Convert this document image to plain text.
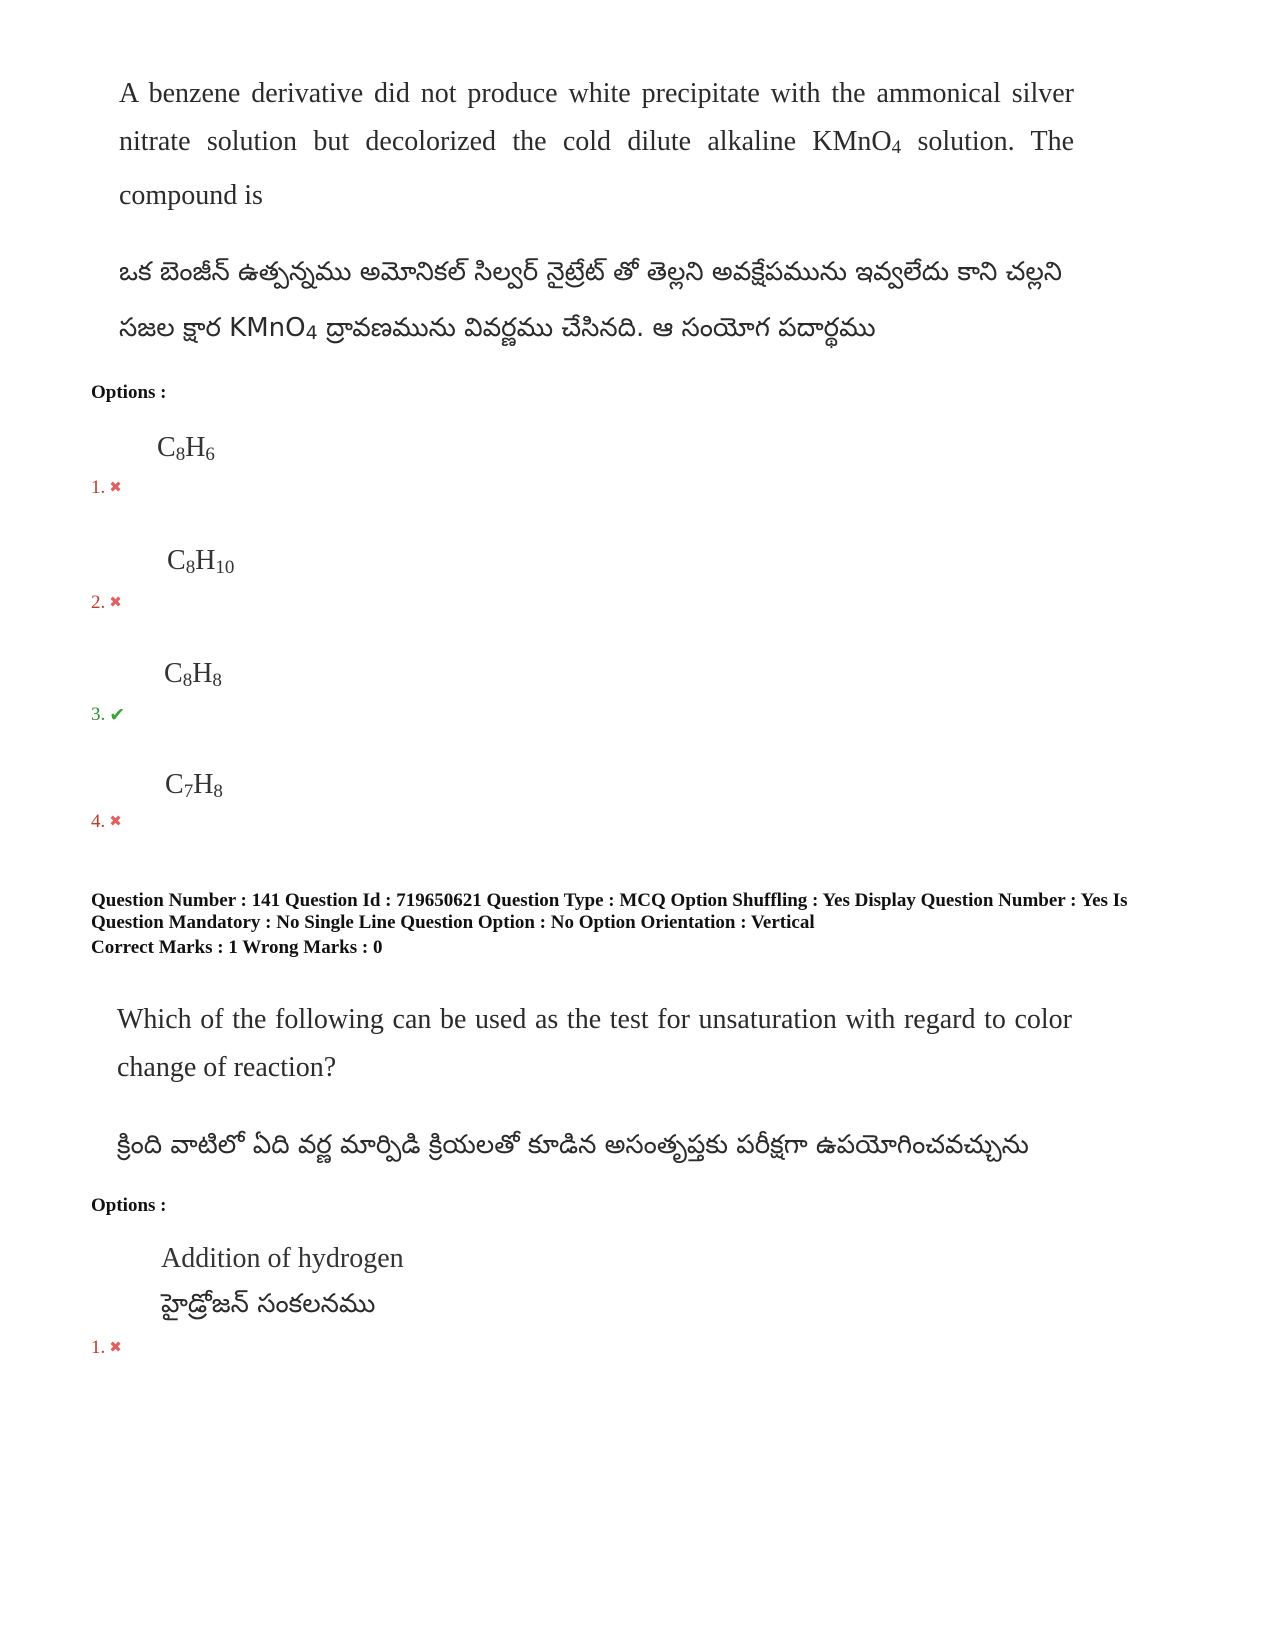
A benzene derivative did not produce white precipitate with the ammonical silver nitrate solution but decolorized the cold dilute alkaline KMnO$_4$ solution. The compound is
ఒక బెంజీన్ ఉత్పన్నము అమోనికల్ సిల్వర్ నైట్రేట్ తో తెల్లని అవక్షేపమును ఇవ్వలేదు కాని చల్లని సజల క్షార KMnO$_4$ ద్రావణమును వివర్ణము చేసినది. ఆ సంయోగ పదార్థము
Options :
$C_8H_6$
1. ✖
$C_8H_{10}$
2. ✖
$C_8H_8$
3. ✔
$C_7H_8$
4. ✖
Question Number : 141 Question Id : 719650621 Question Type : MCQ Option Shuffling : Yes Display Question Number : Yes Is
Question Mandatory : No Single Line Question Option : No Option Orientation : Vertical
Correct Marks : 1 Wrong Marks : 0
Which of the following can be used as the test for unsaturation with regard to color change of reaction?
క్రింది వాటిలో ఏది వర్ణ మార్పిడి క్రియలతో కూడిన అసంతృప్తకు పరీక్షగా ఉపయోగించవచ్చును
Options :
Addition of hydrogen
హైడ్రోజన్ సంకలనము
1. ✖
